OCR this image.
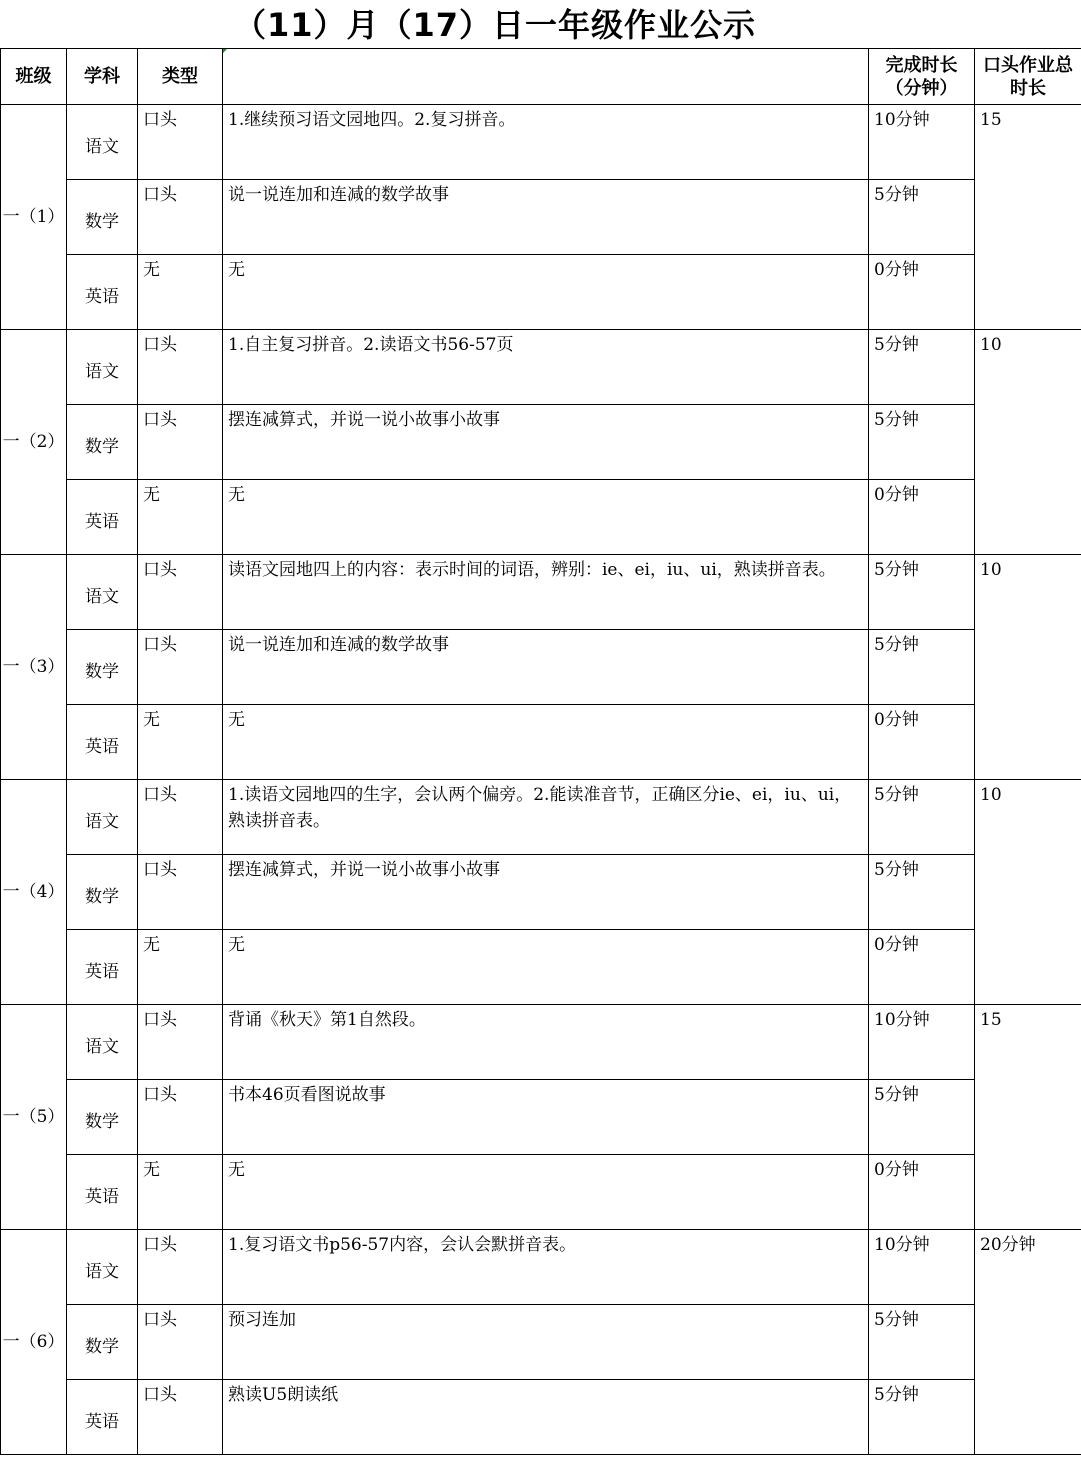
（11）月（17）日一年级作业公示
班级	学科	类型		完成时长（分钟）	口头作业总时长
一（1）	语文	口头	1.继续预习语文园地四。2.复习拼音。	10分钟	15
	数学	口头	说一说连加和连减的数学故事	5分钟	
	英语	无	无	0分钟	
一（2）	语文	口头	1.自主复习拼音。2.读语文书56-57页	5分钟	10
	数学	口头	摆连减算式，并说一说小故事小故事	5分钟	
	英语	无	无	0分钟	
一（3）	语文	口头	读语文园地四上的内容：表示时间的词语，辨别：ie、ei，iu、ui，熟读拼音表。	5分钟	10
	数学	口头	说一说连加和连减的数学故事	5分钟	
	英语	无	无	0分钟	
一（4）	语文	口头	1.读语文园地四的生字，会认两个偏旁。2.能读准音节，正确区分ie、ei，iu、ui，熟读拼音表。	5分钟	10
	数学	口头	摆连减算式，并说一说小故事小故事	5分钟	
	英语	无	无	0分钟	
一（5）	语文	口头	背诵《秋天》第1自然段。	10分钟	15
	数学	口头	书本46页看图说故事	5分钟	
	英语	无	无	0分钟	
一（6）	语文	口头	1.复习语文书p56-57内容，会认会默拼音表。	10分钟	20分钟
	数学	口头	预习连加	5分钟	
	英语	口头	熟读U5朗读纸	5分钟	
